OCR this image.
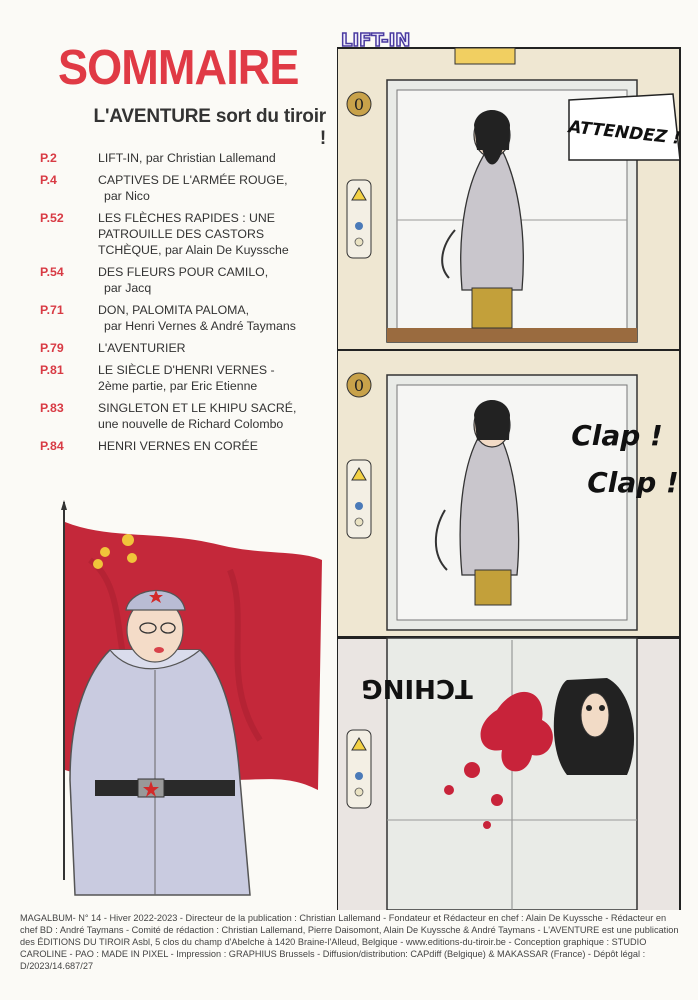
SOMMAIRE
L'AVENTURE sort du tiroir !
P.2	LIFT-IN, par Christian Lallemand
P.4	CAPTIVES DE L'ARMÉE ROUGE,
par Nico
P.52	LES FLÈCHES RAPIDES : UNE
PATROUILLE DES CASTORS
TCHÈQUE, par Alain De Kuyssche
P.54	DES FLEURS POUR CAMILO,
par Jacq
P.71	DON, PALOMITA PALOMA,
par Henri Vernes & André Taymans
P.79	L'AVENTURIER
P.81	LE SIÈCLE D'HENRI VERNES -
2ème partie, par Eric Etienne
P.83	SINGLETON ET LE KHIPU SACRÉ,
une nouvelle de Richard Colombo
P.84	HENRI VERNES EN CORÉE
0
LIFT-IN
ATTENDEZ !
0
Clap !
Clap !
TCHING
MAGALBUM- N° 14 - Hiver 2022-2023 - Directeur de la publication : Christian Lallemand - Fondateur et Rédacteur en chef : Alain De Kuyssche - Rédacteur en chef BD : André Taymans - Comité de rédaction : Christian Lallemand, Pierre Daisomont, Alain De Kuyssche & André Taymans - L'AVENTURE est une publication des ÉDITIONS DU TIROIR Asbl, 5 clos du champ d'Abelche à 1420 Braine-l'Alleud, Belgique - www.editions-du-tiroir.be - Conception graphique : STUDIO CAROLINE - PAO : MADE IN PIXEL - Impression : GRAPHIUS Brussels - Diffusion/distribution: CAPdiff (Belgique) & MAKASSAR (France) - Dépôt légal : D/2023/14.687/27
